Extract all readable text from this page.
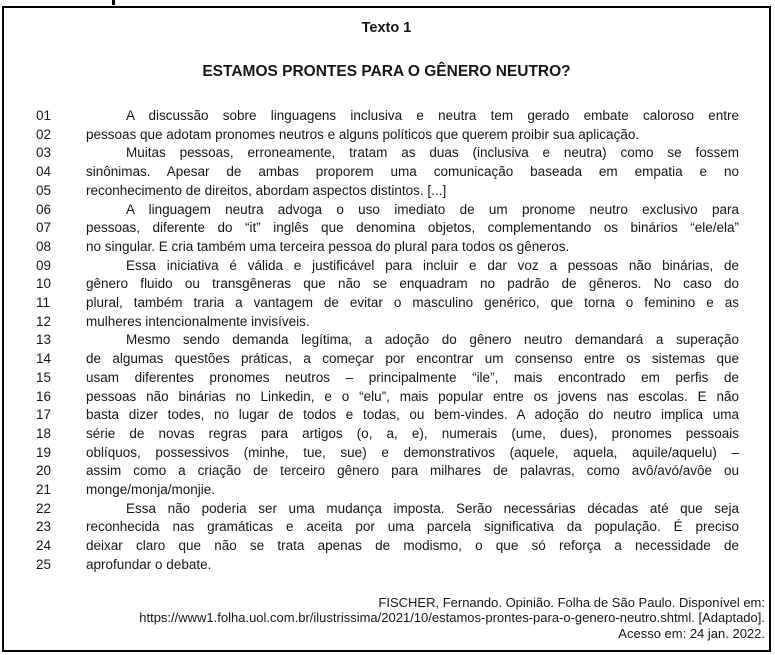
Texto 1
ESTAMOS PRONTES PARA O GÊNERO NEUTRO?
01	A discussão sobre linguagens inclusiva e neutra tem gerado embate caloroso entre
02	pessoas que adotam pronomes neutros e alguns políticos que querem proibir sua aplicação.
03	Muitas pessoas, erroneamente, tratam as duas (inclusiva e neutra) como se fossem
04	sinônimas. Apesar de ambas proporem uma comunicação baseada em empatia e no
05	reconhecimento de direitos, abordam aspectos distintos. [...]
06	A linguagem neutra advoga o uso imediato de um pronome neutro exclusivo para
07	pessoas, diferente do “it” inglês que denomina objetos, complementando os binários “ele/ela”
08	no singular. E cria também uma terceira pessoa do plural para todos os gêneros.
09	Essa iniciativa é válida e justificável para incluir e dar voz a pessoas não binárias, de
10	gênero fluido ou transgêneras que não se enquadram no padrão de gêneros. No caso do
11	plural, também traria a vantagem de evitar o masculino genérico, que torna o feminino e as
12	mulheres intencionalmente invisíveis.
13	Mesmo sendo demanda legítima, a adoção do gênero neutro demandará a superação
14	de algumas questões práticas, a começar por encontrar um consenso entre os sistemas que
15	usam diferentes pronomes neutros – principalmente “ile”, mais encontrado em perfis de
16	pessoas não binárias no Linkedin, e o “elu”, mais popular entre os jovens nas escolas. E não
17	basta dizer todes, no lugar de todos e todas, ou bem-vindes. A adoção do neutro implica uma
18	série de novas regras para artigos (o, a, e), numerais (ume, dues), pronomes pessoais
19	oblíquos, possessivos (minhe, tue, sue) e demonstrativos (aquele, aquela, aquile/aquelu) –
20	assim como a criação de terceiro gênero para milhares de palavras, como avô/avó/avôe ou
21	monge/monja/monjie.
22	Essa não poderia ser uma mudança imposta. Serão necessárias décadas até que seja
23	reconhecida nas gramáticas e aceita por uma parcela significativa da população. É preciso
24	deixar claro que não se trata apenas de modismo, o que só reforça a necessidade de
25	aprofundar o debate.
FISCHER, Fernando. Opinião. Folha de São Paulo. Disponível em:
https://www1.folha.uol.com.br/ilustrissima/2021/10/estamos-prontes-para-o-genero-neutro.shtml. [Adaptado].
Acesso em: 24 jan. 2022.
